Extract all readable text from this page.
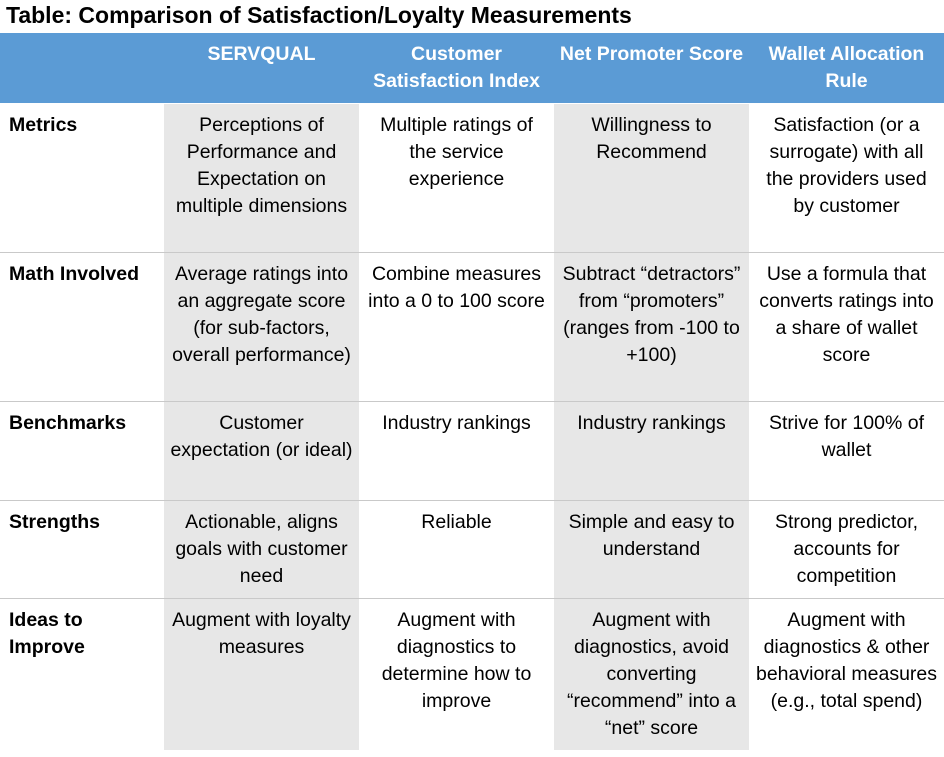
Table: Comparison of Satisfaction/Loyalty Measurements
	SERVQUAL	Customer Satisfaction Index	Net Promoter Score	Wallet Allocation Rule
Metrics	Perceptions of Performance and Expectation on multiple dimensions	Multiple ratings of the service experience	Willingness to Recommend	Satisfaction (or a surrogate) with all the providers used by customer
Math Involved	Average ratings into an aggregate score (for sub-factors, overall performance)	Combine measures into a 0 to 100 score	Subtract “detractors” from “promoters” (ranges from -100 to +100)	Use a formula that converts ratings into a share of wallet score
Benchmarks	Customer expectation (or ideal)	Industry rankings	Industry rankings	Strive for 100% of wallet
Strengths	Actionable, aligns goals with customer need	Reliable	Simple and easy to understand	Strong predictor, accounts for competition
Ideas to Improve	Augment with loyalty measures	Augment with diagnostics to determine how to improve	Augment with diagnostics, avoid converting “recommend” into a “net” score	Augment with diagnostics & other behavioral measures (e.g., total spend)
